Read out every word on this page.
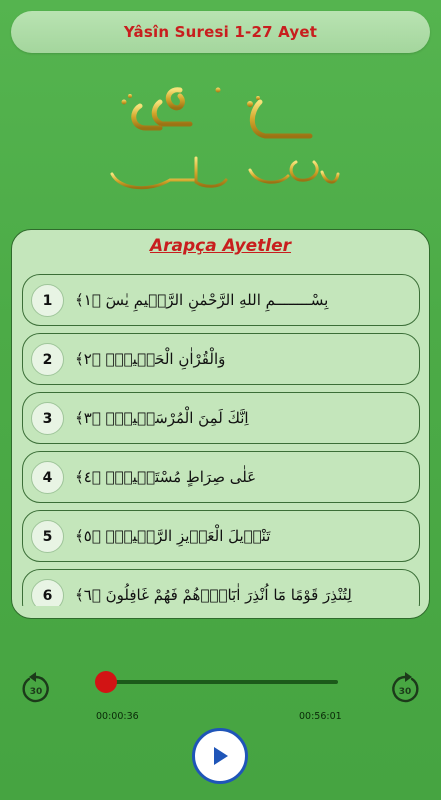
Yâsîn Suresi 1-27 Ayet
Arapça Ayetler
1	بِسْــــــــمِ اللهِ الرَّحْمٰنِ الرَّح۪يمِ يٰسٓ ﴿١﴾
2	وَالْقُرْاٰنِ الْحَك۪يمِۙ ﴿٢﴾
3	اِنَّكَ لَمِنَ الْمُرْسَل۪ينَۙ ﴿٣﴾
4	عَلٰى صِرَاطٍ مُسْتَق۪يمٍۜ ﴿٤﴾
5	تَنْز۪يلَ الْعَز۪يزِ الرَّح۪يمِۙ ﴿٥﴾
6	لِتُنْذِرَ قَوْمًا مَٓا اُنْذِرَ اٰبَٓاؤُ۬هُمْ فَهُمْ غَافِلُونَ ﴿٦﴾
30	30
00:00:36	00:56:01
